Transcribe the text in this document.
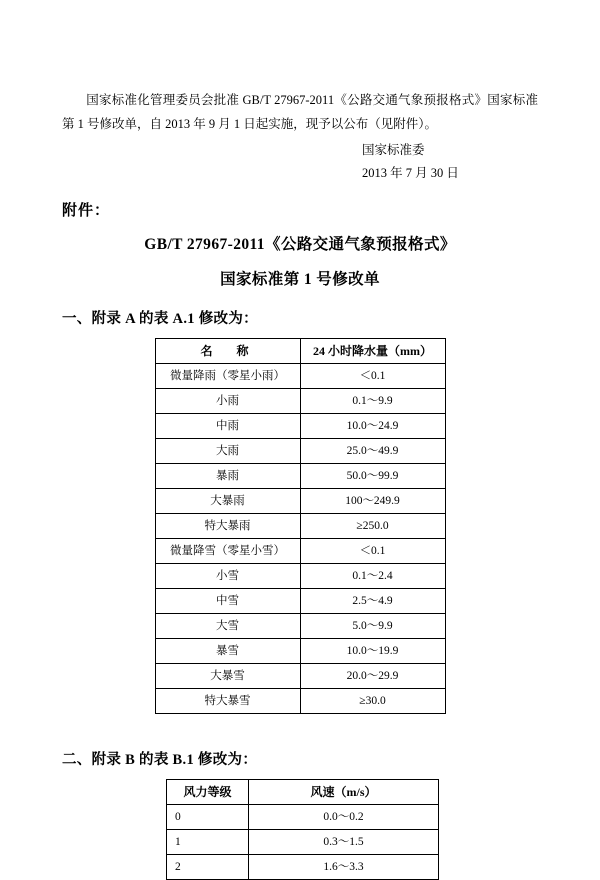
国家标准化管理委员会批准 GB/T 27967-2011《公路交通气象预报格式》国家标准第 1 号修改单，自 2013 年 9 月 1 日起实施，现予以公布（见附件）。

国家标准委
2013 年 7 月 30 日
附件：
GB/T 27967-2011《公路交通气象预报格式》
国家标准第 1 号修改单
一、附录 A 的表 A.1 修改为：
名　称	24 小时降水量（mm）
微量降雨（零星小雨）	＜0.1
小雨	0.1～9.9
中雨	10.0～24.9
大雨	25.0～49.9
暴雨	50.0～99.9
大暴雨	100～249.9
特大暴雨	≥250.0
微量降雪（零星小雪）	＜0.1
小雪	0.1～2.4
中雪	2.5～4.9
大雪	5.0～9.9
暴雪	10.0～19.9
大暴雪	20.0～29.9
特大暴雪	≥30.0
二、附录 B 的表 B.1 修改为：
风力等级	风速（m/s）
0	0.0～0.2
1	0.3～1.5
2	1.6～3.3
